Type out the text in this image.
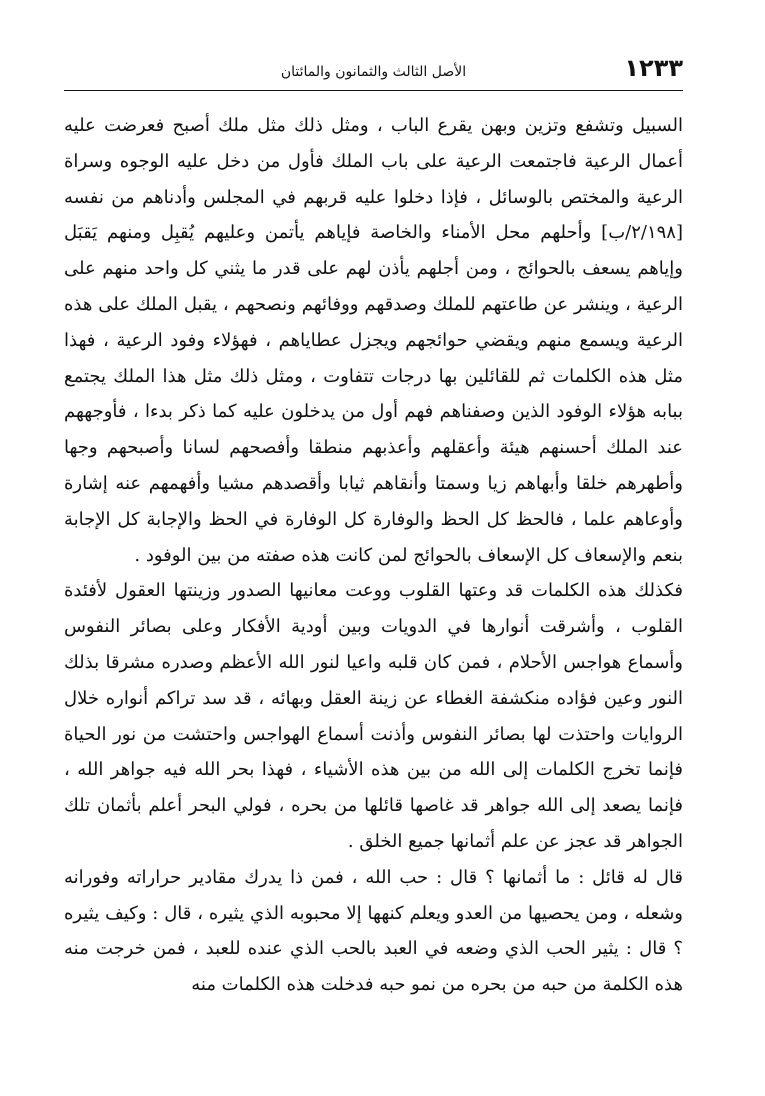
١٢٣٣
الأصل الثالث والثمانون والمائتان

السبيل وتشفع وتزين وبهن يقرع الباب ، ومثل ذلك مثل ملك أصبح فعرضت عليه أعمال الرعية فاجتمعت الرعية على باب الملك فأول من دخل عليه الوجوه وسراة الرعية والمختص بالوسائل ، فإذا دخلوا عليه قربهم في المجلس وأدناهم من نفسه [٢/١٩٨/ب] وأحلهم محل الأمناء والخاصة فإياهم يأتمن وعليهم يُقبِل ومنهم يَقبَل وإياهم يسعف بالحوائج ، ومن أجلهم يأذن لهم على قدر ما يثني كل واحد منهم على الرعية ، وينشر عن طاعتهم للملك وصدقهم ووفائهم ونصحهم ، يقبل الملك على هذه الرعية ويسمع منهم ويقضي حوائجهم ويجزل عطاياهم ، فهؤلاء وفود الرعية ، فهذا مثل هذه الكلمات ثم للقائلين بها درجات تتفاوت ، ومثل ذلك مثل هذا الملك يجتمع ببابه هؤلاء الوفود الذين وصفناهم فهم أول من يدخلون عليه كما ذكر بدءا ، فأوجههم عند الملك أحسنهم هيئة وأعقلهم وأعذبهم منطقا وأفصحهم لسانا وأصبحهم وجها وأطهرهم خلقا وأبهاهم زيا وسمتا وأنقاهم ثيابا وأقصدهم مشيا وأفهمهم عنه إشارة وأوعاهم علما ، فالحظ كل الحظ والوفارة كل الوفارة في الحظ والإجابة كل الإجابة بنعم والإسعاف كل الإسعاف بالحوائج لمن كانت هذه صفته من بين الوفود .

فكذلك هذه الكلمات قد وعتها القلوب ووعت معانيها الصدور وزينتها العقول لأفئدة القلوب ، وأشرقت أنوارها في الدويات وبين أودية الأفكار وعلى بصائر النفوس وأسماع هواجس الأحلام ، فمن كان قلبه واعيا لنور الله الأعظم وصدره مشرقا بذلك النور وعين فؤاده منكشفة الغطاء عن زينة العقل وبهائه ، قد سد تراكم أنواره خلال الروايات واحتذت لها بصائر النفوس وأذنت أسماع الهواجس واحتشت من نور الحياة فإنما تخرج الكلمات إلى الله من بين هذه الأشياء ، فهذا بحر الله فيه جواهر الله ، فإنما يصعد إلى الله جواهر قد غاصها قائلها من بحره ، فولي البحر أعلم بأثمان تلك الجواهر قد عجز عن علم أثمانها جميع الخلق .

قال له قائل : ما أثمانها ؟ قال : حب الله ، فمن ذا يدرك مقادير حراراته وفورانه وشعله ، ومن يحصيها من العدو ويعلم كنهها إلا محبوبه الذي يثيره ، قال : وكيف يثيره ؟ قال : يثير الحب الذي وضعه في العبد بالحب الذي عنده للعبد ، فمن خرجت منه هذه الكلمة من حبه من بحره من نمو حبه فدخلت هذه الكلمات منه
